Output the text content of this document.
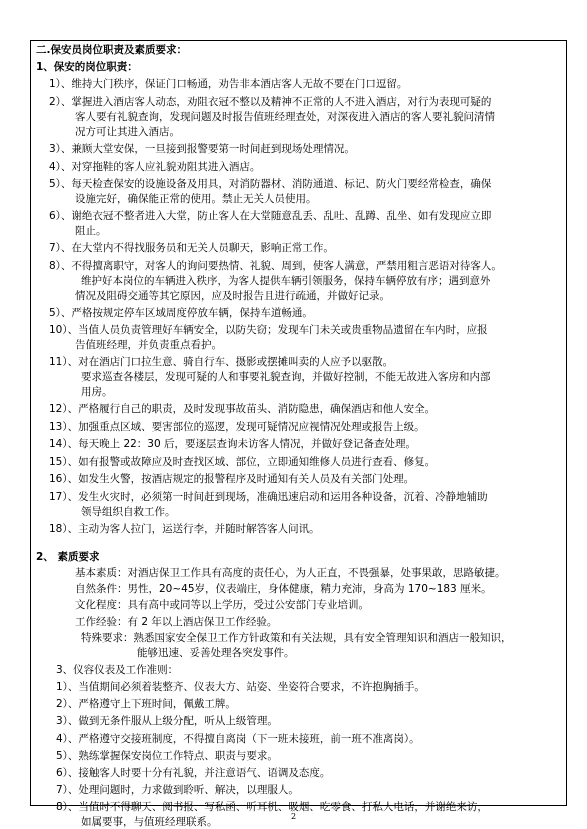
二.保安员岗位职责及素质要求：
1、保安的岗位职责：
1）、维持大门秩序，保证门口畅通，劝告非本酒店客人无故不要在门口逗留。
2）、掌握进入酒店客人动态，劝阻衣冠不整以及精神不正常的人不进入酒店，对行为表现可疑的
客人要有礼貌查询，发现问题及时报告值班经理查处，对深夜进入酒店的客人要礼貌问清情
况方可让其进入酒店。
3）、兼顾大堂安保，一旦接到报警要第一时间赶到现场处理情况。
4）、对穿拖鞋的客人应礼貌劝阻其进入酒店。
5）、每天检查保安的设施设备及用具，对消防器材、消防通道、标记、防火门要经常检查，确保
设施完好，确保能正常的使用。禁止无关人员使用。
6）、谢绝衣冠不整者进入大堂，防止客人在大堂随意乱丢、乱吐、乱蹲、乱坐、如有发现应立即
阻止。
7）、在大堂内不得找服务员和无关人员聊天，影响正常工作。
8）、不得擅离职守，对客人的询问要热情、礼貌、周到，使客人满意，严禁用粗言恶语对待客人。
维护好本岗位的车辆进入秩序，为客人提供车辆引领服务，保持车辆停放有序；遇到意外
情况及阻碍交通等其它原因，应及时报告且进行疏通，并做好记录。
5）、严格按规定停车区域周度停放车辆，保持车道畅通。
10）、当值人员负责管理好车辆安全，以防失窃；发现车门未关或贵重物品遗留在车内时，应报
告值班经理，并负责重点看护。
11）、对在酒店门口拉生意、骑自行车、摄影或摆摊叫卖的人应予以驱散。
要求巡查各楼层，发现可疑的人和事要礼貌查询，并做好控制，不能无故进入客房和内部
用房。
12）、严格履行自己的职责，及时发现事故苗头、消防隐患，确保酒店和他人安全。
13）、加强重点区域、要害部位的巡逻，发现可疑情况应视情况处理或报告上级。
14）、每天晚上 22：30 后，要逐层查询未访客人情况，并做好登记备查处理。
15）、如有报警或故障应及时查找区域、部位，立即通知维修人员进行查看、修复。
16）、如发生火警，按酒店规定的报警程序及时通知有关人员及有关部门处理。
17）、发生火灾时，必须第一时间赶到现场，准确迅速启动和运用各种设备，沉着、冷静地辅助
领导组织自救工作。
18）、主动为客人拉门，运送行李，并随时解答客人问讯。
2、 素质要求
基本素质：对酒店保卫工作具有高度的责任心，为人正直，不畏强暴，处事果敢，思路敏捷。
自然条件：男性，20~45岁，仪表端庄，身体健康，精力充沛，身高为 170~183 厘米。
文化程度：具有高中或同等以上学历，受过公安部门专业培训。
工作经验：有 2 年以上酒店保卫工作经验。
特殊要求：熟悉国家安全保卫工作方针政策和有关法规，具有安全管理知识和酒店一般知识，
能够迅速、妥善处理各突发事件。
3、仪容仪表及工作准则：
1）、当值期间必须着装整齐、仪表大方、站姿、坐姿符合要求，不许抱胸插手。
2）、严格遵守上下班时间，佩戴工牌。
3）、做到无条件服从上级分配，听从上级管理。
4）、严格遵守交接班制度，不得擅自离岗（下一班未接班，前一班不准离岗）。
5）、熟练掌握保安岗位工作特点、职责与要求。
6）、接触客人时要十分有礼貌，并注意语气、语调及态度。
7）、处理问题时，力求做到聆听、解决，以理服人。
8）、当值时不得聊天、阅书报、写私函、听耳机、吸烟、吃零食、打私人电话，并谢绝来访，
如属要事，与值班经理联系。	2
